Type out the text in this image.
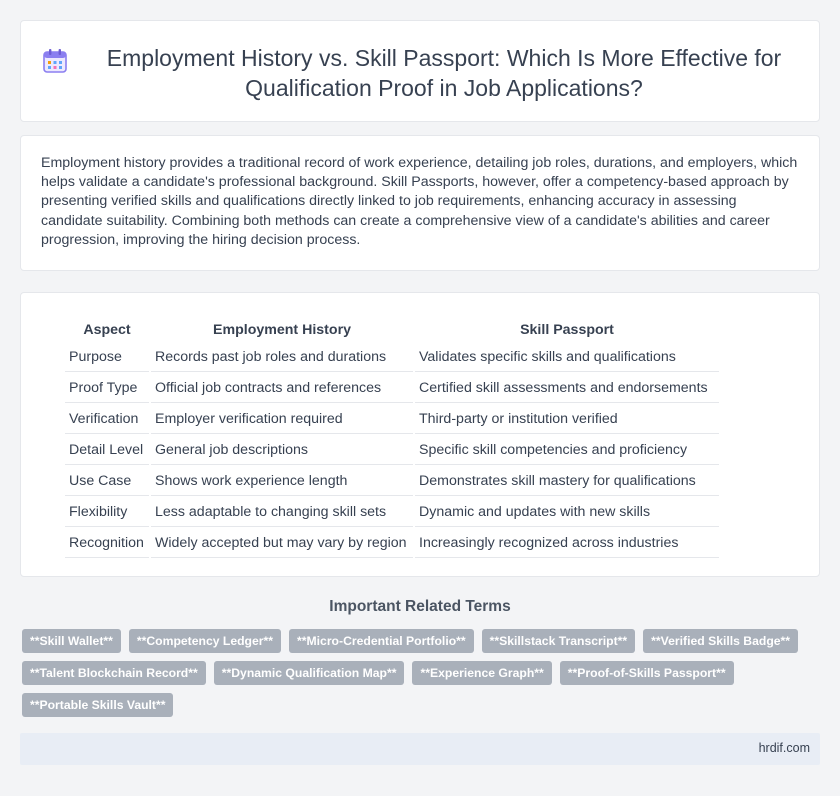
Employment History vs. Skill Passport: Which Is More Effective for Qualification Proof in Job Applications?

Employment history provides a traditional record of work experience, detailing job roles, durations, and employers, which helps validate a candidate's professional background. Skill Passports, however, offer a competency-based approach by presenting verified skills and qualifications directly linked to job requirements, enhancing accuracy in assessing candidate suitability. Combining both methods can create a comprehensive view of a candidate's abilities and career progression, improving the hiring decision process.

Aspect	Employment History	Skill Passport
Purpose	Records past job roles and durations	Validates specific skills and qualifications
Proof Type	Official job contracts and references	Certified skill assessments and endorsements
Verification	Employer verification required	Third-party or institution verified
Detail Level	General job descriptions	Specific skill competencies and proficiency
Use Case	Shows work experience length	Demonstrates skill mastery for qualifications
Flexibility	Less adaptable to changing skill sets	Dynamic and updates with new skills
Recognition	Widely accepted but may vary by region	Increasingly recognized across industries
Important Related Terms
**Skill Wallet**	**Competency Ledger**	**Micro-Credential Portfolio**	**Skillstack Transcript**	**Verified Skills Badge**
**Talent Blockchain Record**	**Dynamic Qualification Map**	**Experience Graph**	**Proof-of-Skills Passport**
**Portable Skills Vault**
hrdif.com
